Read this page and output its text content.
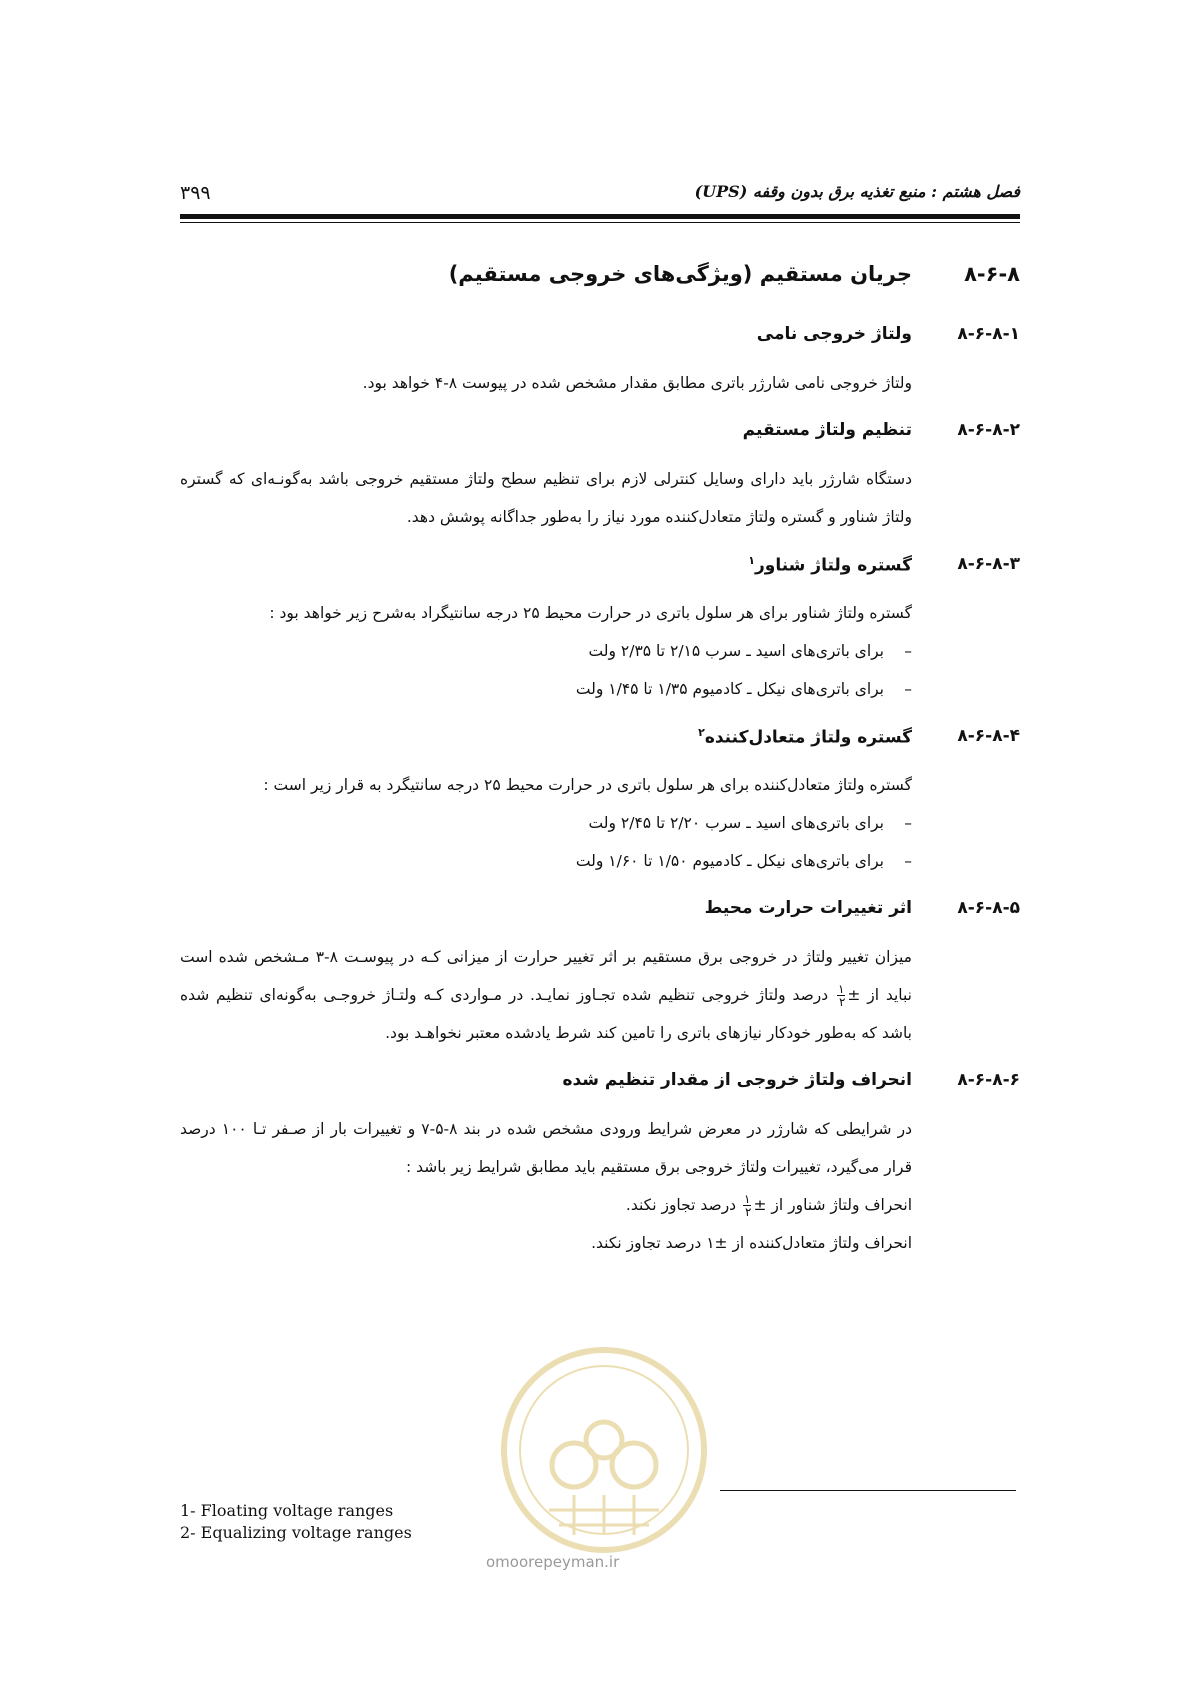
فصل هشتم : منبع تغذیه برق بدون وقفه (UPS)
۳۹۹
۸-۶-۸
جریان مستقیم (ویژگی‌های خروجی مستقیم)
۸-۶-۸-۱
ولتاژ خروجی نامی
ولتاژ خروجی نامی شارژر باتری مطابق مقدار مشخص شده در پیوست ۸-۴ خواهد بود.
۸-۶-۸-۲
تنظیم ولتاژ مستقیم
دستگاه شارژر باید دارای وسایل کنترلی لازم برای تنظیم سطح ولتاژ مستقیم خروجی باشد به‌گونـه‌ای که گستره ولتاژ شناور و گستره ولتاژ متعادل‌کننده مورد نیاز را به‌طور جداگانه پوشش دهد.
۸-۶-۸-۳
گستره ولتاژ شناور$^۱$
گستره ولتاژ شناور برای هر سلول باتری در حرارت محیط ۲۵ درجه سانتیگراد به‌شرح زیر خواهد بود :
–برای باتری‌های اسید ـ سرب ۲/۱۵ تا ۲/۳۵ ولت
–برای باتری‌های نیکل ـ کادمیوم ۱/۳۵ تا ۱/۴۵ ولت
۸-۶-۸-۴
گستره ولتاژ متعادل‌کننده$^۲$
گستره ولتاژ متعادل‌کننده برای هر سلول باتری در حرارت محیط ۲۵ درجه سانتیگرد به قرار زیر است :
–برای باتری‌های اسید ـ سرب ۲/۲۰ تا ۲/۴۵ ولت
–برای باتری‌های نیکل ـ کادمیوم ۱/۵۰ تا ۱/۶۰ ولت
۸-۶-۸-۵
اثر تغییرات حرارت محیط
میزان تغییر ولتاژ در خروجی برق مستقیم بر اثر تغییر حرارت از میزانی کـه در پیوسـت ۸-۳ مـشخص شده است نباید از ±
$\frac{۱}{۲}$
درصد ولتاژ خروجی تنظیم شده تجـاوز نمایـد. در مـواردی کـه ولتـاژ خروجـی به‌گونه‌ای تنظیم شده باشد که به‌طور خودکار نیازهای باتری را تامین کند شرط یادشده معتبر نخواهـد بود.
۸-۶-۸-۶
انحراف ولتاژ خروجی از مقدار تنظیم شده
در شرایطی که شارژر در معرض شرایط ورودی مشخص شده در بند ۸-۵-۷ و تغییرات بار از صـفر تـا ۱۰۰ درصد قرار می‌گیرد، تغییرات ولتاژ خروجی برق مستقیم باید مطابق شرایط زیر باشد :
انحراف ولتاژ شناور از ±
$\frac{۱}{۲}$
درصد تجاوز نکند.
انحراف ولتاژ متعادل‌کننده از ±۱ درصد تجاوز نکند.
omoorepeyman.ir
1- Floating voltage ranges
2- Equalizing voltage ranges
